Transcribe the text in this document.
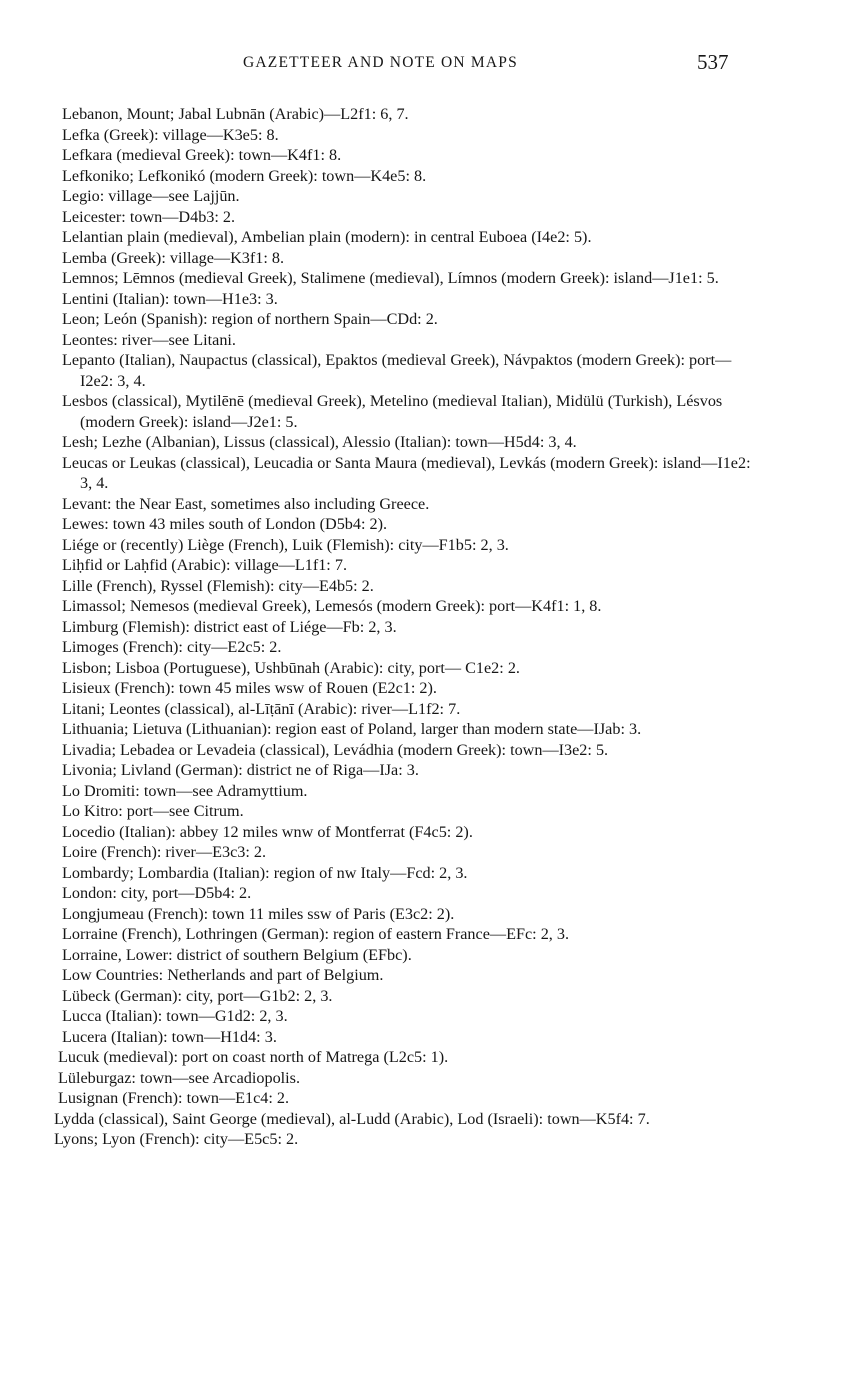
GAZETTEER AND NOTE ON MAPS	537
Lebanon, Mount; Jabal Lubnān (Arabic)—L2f1: 6, 7.
Lefka (Greek): village—K3e5: 8.
Lefkara (medieval Greek): town—K4f1: 8.
Lefkoniko; Lefkonikó (modern Greek): town—K4e5: 8.
Legio: village—see Lajjūn.
Leicester: town—D4b3: 2.
Lelantian plain (medieval), Ambelian plain (modern): in central Euboea (I4e2: 5).
Lemba (Greek): village—K3f1: 8.
Lemnos; Lēmnos (medieval Greek), Stalimene (medieval), Límnos (modern Greek): island—J1e1: 5.
Lentini (Italian): town—H1e3: 3.
Leon; León (Spanish): region of northern Spain—CDd: 2.
Leontes: river—see Litani.
Lepanto (Italian), Naupactus (classical), Epaktos (medieval Greek), Návpaktos (modern Greek): port—I2e2: 3, 4.
Lesbos (classical), Mytilēnē (medieval Greek), Metelino (medieval Italian), Midülü (Turkish), Lésvos (modern Greek): island—J2e1: 5.
Lesh; Lezhe (Albanian), Lissus (classical), Alessio (Italian): town—H5d4: 3, 4.
Leucas or Leukas (classical), Leucadia or Santa Maura (medieval), Levkás (modern Greek): island—I1e2: 3, 4.
Levant: the Near East, sometimes also including Greece.
Lewes: town 43 miles south of London (D5b4: 2).
Liége or (recently) Liège (French), Luik (Flemish): city—F1b5: 2, 3.
Liḥfid or Laḥfid (Arabic): village—L1f1: 7.
Lille (French), Ryssel (Flemish): city—E4b5: 2.
Limassol; Nemesos (medieval Greek), Lemesós (modern Greek): port—K4f1: 1, 8.
Limburg (Flemish): district east of Liége—Fb: 2, 3.
Limoges (French): city—E2c5: 2.
Lisbon; Lisboa (Portuguese), Ushbūnah (Arabic): city, port— C1e2: 2.
Lisieux (French): town 45 miles wsw of Rouen (E2c1: 2).
Litani; Leontes (classical), al-Līṭānī (Arabic): river—L1f2: 7.
Lithuania; Lietuva (Lithuanian): region east of Poland, larger than modern state—IJab: 3.
Livadia; Lebadea or Levadeia (classical), Levádhia (modern Greek): town—I3e2: 5.
Livonia; Livland (German): district ne of Riga—IJa: 3.
Lo Dromiti: town—see Adramyttium.
Lo Kitro: port—see Citrum.
Locedio (Italian): abbey 12 miles wnw of Montferrat (F4c5: 2).
Loire (French): river—E3c3: 2.
Lombardy; Lombardia (Italian): region of nw Italy—Fcd: 2, 3.
London: city, port—D5b4: 2.
Longjumeau (French): town 11 miles ssw of Paris (E3c2: 2).
Lorraine (French), Lothringen (German): region of eastern France—EFc: 2, 3.
Lorraine, Lower: district of southern Belgium (EFbc).
Low Countries: Netherlands and part of Belgium.
Lübeck (German): city, port—G1b2: 2, 3.
Lucca (Italian): town—G1d2: 2, 3.
Lucera (Italian): town—H1d4: 3.
Lucuk (medieval): port on coast north of Matrega (L2c5: 1).
Lüleburgaz: town—see Arcadiopolis.
Lusignan (French): town—E1c4: 2.
Lydda (classical), Saint George (medieval), al-Ludd (Arabic), Lod (Israeli): town—K5f4: 7.
Lyons; Lyon (French): city—E5c5: 2.
